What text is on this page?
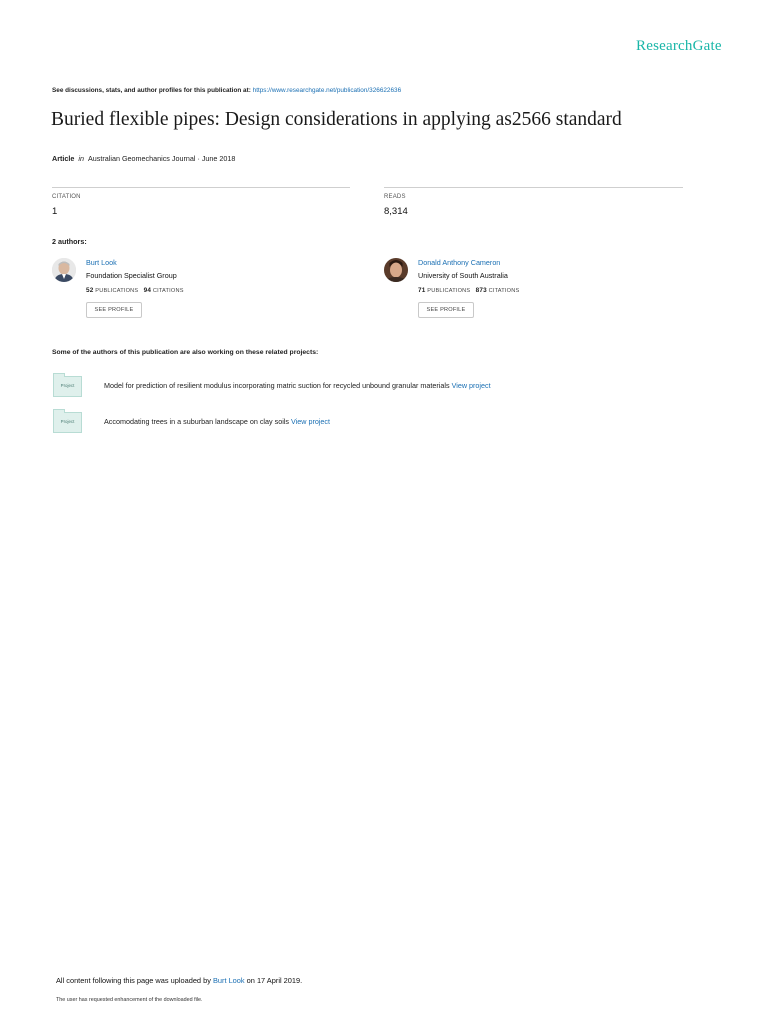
ResearchGate
See discussions, stats, and author profiles for this publication at: https://www.researchgate.net/publication/326622636
Buried flexible pipes: Design considerations in applying as2566 standard
Article in Australian Geomechanics Journal · June 2018
CITATION
1
READS
8,314
2 authors:
Burt Look
Foundation Specialist Group
52 PUBLICATIONS 94 CITATIONS
SEE PROFILE
Donald Anthony Cameron
University of South Australia
71 PUBLICATIONS 873 CITATIONS
SEE PROFILE
Some of the authors of this publication are also working on these related projects:
Project	Model for prediction of resilient modulus incorporating matric suction for recycled unbound granular materials View project
Project	Accomodating trees in a suburban landscape on clay soils View project
All content following this page was uploaded by Burt Look on 17 April 2019.
The user has requested enhancement of the downloaded file.
